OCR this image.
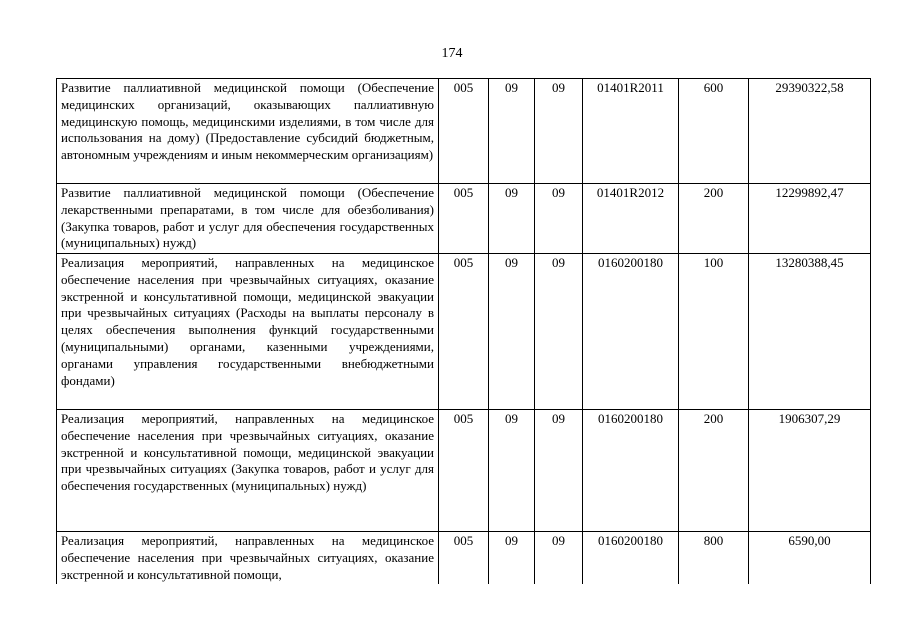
174
Развитие паллиативной медицинской помощи (Обеспечение медицинских организаций, оказывающих паллиативную медицинскую помощь, медицинскими изделиями, в том числе для использования на дому) (Предоставление субсидий бюджетным, автономным учреждениям и иным некоммерческим организациям)	005	09	09	01401R2011	600	29390322,58
Развитие паллиативной медицинской помощи (Обеспечение лекарственными препаратами, в том числе для обезболивания) (Закупка товаров, работ и услуг для обеспечения государственных (муниципальных) нужд)	005	09	09	01401R2012	200	12299892,47
Реализация мероприятий, направленных на медицинское обеспечение населения при чрезвычайных ситуациях, оказание экстренной и консультативной помощи, медицинской эвакуации при чрезвычайных ситуациях (Расходы на выплаты персоналу в целях обеспечения выполнения функций государственными (муниципальными) органами, казенными учреждениями, органами управления государственными внебюджетными фондами)	005	09	09	0160200180	100	13280388,45
Реализация мероприятий, направленных на медицинское обеспечение населения при чрезвычайных ситуациях, оказание экстренной и консультативной помощи, медицинской эвакуации при чрезвычайных ситуациях (Закупка товаров, работ и услуг для обеспечения государственных (муниципальных) нужд)	005	09	09	0160200180	200	1906307,29
Реализация мероприятий, направленных на медицинское обеспечение населения при чрезвычайных ситуациях, оказание экстренной и консультативной помощи,	005	09	09	0160200180	800	6590,00
